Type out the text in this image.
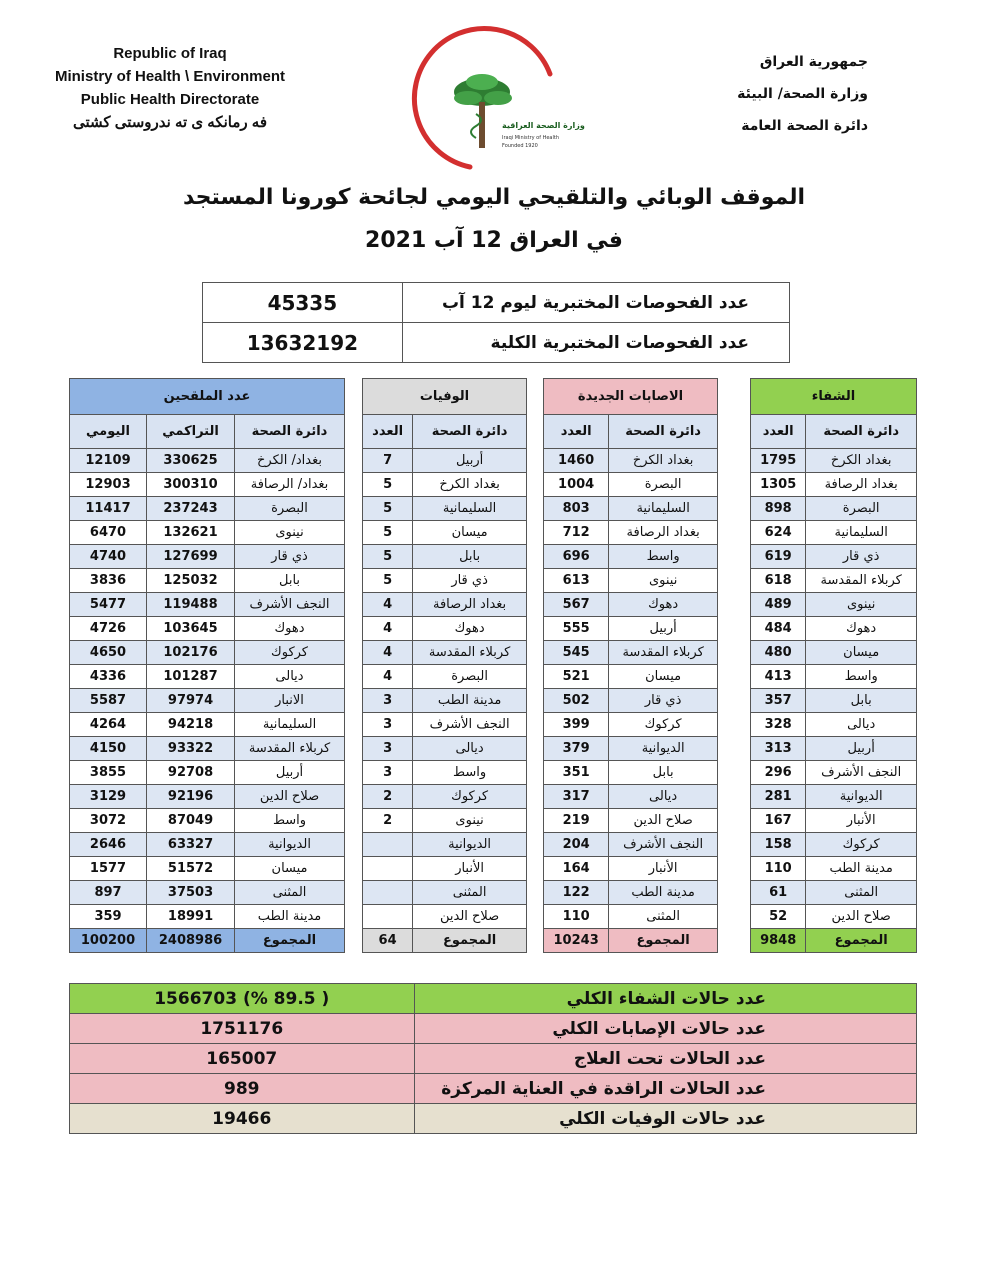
Republic of Iraq
Ministry of Health \ Environment
Public Health Directorate
فه رمانكه ى ته ندروستى كشتى	وزارة الصحة العراقية
Iraqi Ministry of Health
Founded 1920
جمهورية العراق
وزارة الصحة/ البيئة
دائرة الصحة العامة
الموقف الوبائي والتلقيحي اليومي لجائحة كورونا المستجد
في العراق 12 آب 2021
45335	عدد الفحوصات المختبرية ليوم 12 آب
13632192	عدد الفحوصات المختبرية الكلية
عدد الملقحين		
اليومي	التراكمي	دائرة الصحة
12109	330625	بغداد/ الكرخ
12903	300310	بغداد/ الرصافة
11417	237243	البصرة
6470	132621	نينوى
4740	127699	ذي قار
3836	125032	بابل
5477	119488	النجف الأشرف
4726	103645	دهوك
4650	102176	كركوك
4336	101287	ديالى
5587	97974	الانبار
4264	94218	السليمانية
4150	93322	كربلاء المقدسة
3855	92708	أربيل
3129	92196	صلاح الدين
3072	87049	واسط
2646	63327	الديوانية
1577	51572	ميسان
897	37503	المثنى
359	18991	مدينة الطب
100200	2408986	المجموع
الوفيات	
العدد	دائرة الصحة
7	أربيل
5	بغداد الكرخ
5	السليمانية
5	ميسان
5	بابل
5	ذي قار
4	بغداد الرصافة
4	دهوك
4	كربلاء المقدسة
4	البصرة
3	مدينة الطب
3	النجف الأشرف
3	ديالى
3	واسط
2	كركوك
2	نينوى
	الديوانية
	الأنبار
	المثنى
	صلاح الدين
64	المجموع
الاصابات الجديدة	
العدد	دائرة الصحة
1460	بغداد الكرخ
1004	البصرة
803	السليمانية
712	بغداد الرصافة
696	واسط
613	نينوى
567	دهوك
555	أربيل
545	كربلاء المقدسة
521	ميسان
502	ذي قار
399	كركوك
379	الديوانية
351	بابل
317	ديالى
219	صلاح الدين
204	النجف الأشرف
164	الأنبار
122	مدينة الطب
110	المثنى
10243	المجموع
الشفاء	
العدد	دائرة الصحة
1795	بغداد الكرخ
1305	بغداد الرصافة
898	البصرة
624	السليمانية
619	ذي قار
618	كربلاء المقدسة
489	نينوى
484	دهوك
480	ميسان
413	واسط
357	بابل
328	ديالى
313	أربيل
296	النجف الأشرف
281	الديوانية
167	الأنبار
158	كركوك
110	مدينة الطب
61	المثنى
52	صلاح الدين
9848	المجموع
1566703 (% 89.5 )	عدد حالات الشفاء الكلي
1751176	عدد حالات الإصابات الكلي
165007	عدد الحالات تحت العلاج
989	عدد الحالات الراقدة في العناية المركزة
19466	عدد حالات الوفيات الكلي
